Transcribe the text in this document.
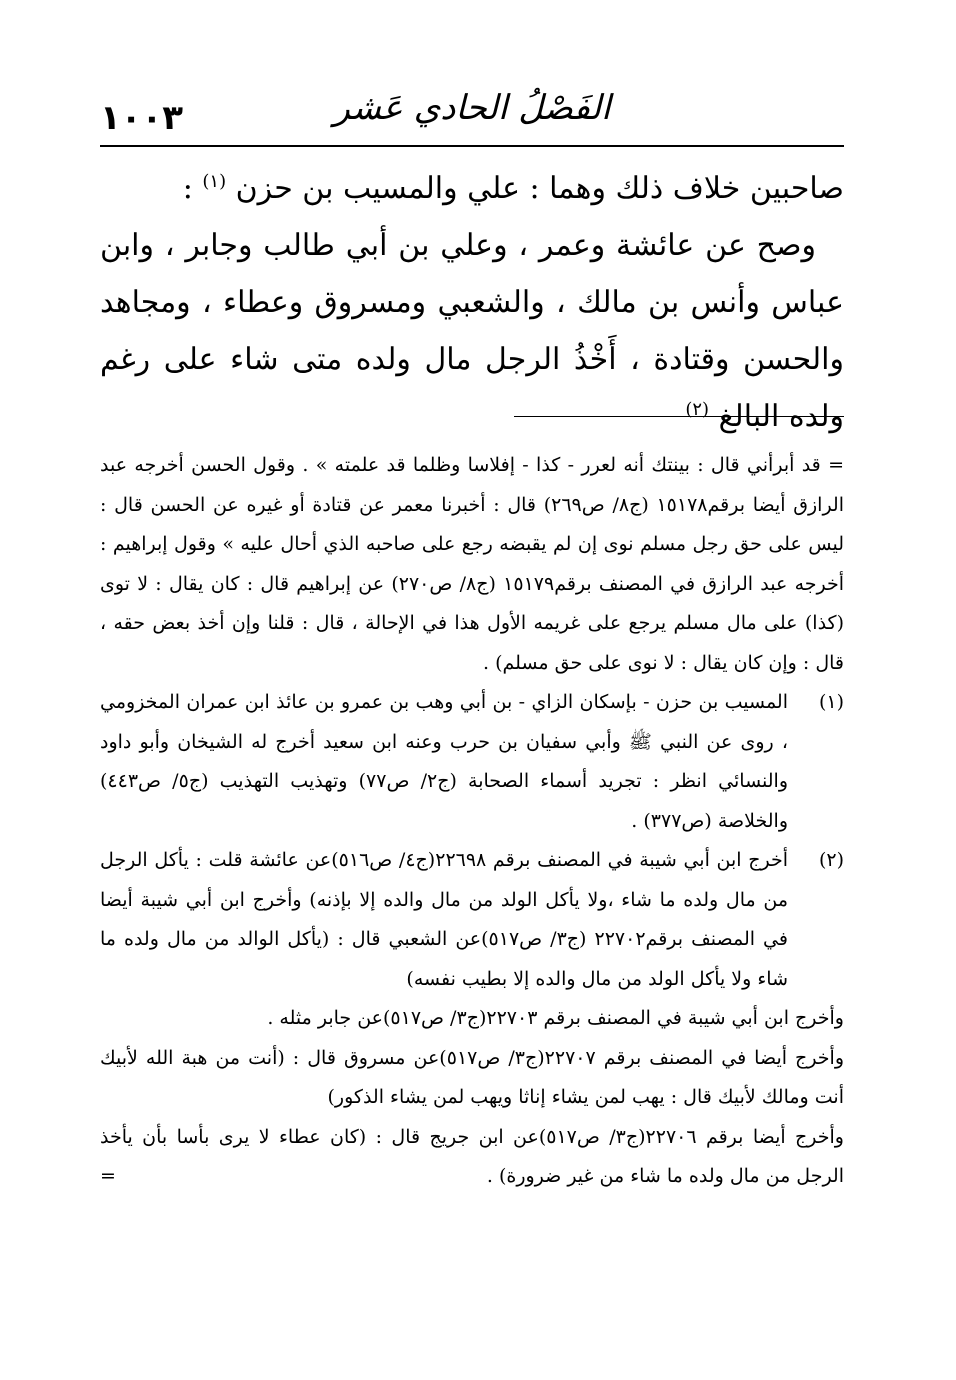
١٠٠٣	الفَصْلُ الحادي عَشر

صاحبين خلاف ذلك وهما : علي والمسيب بن حزن $^{(١)}$ :

وصح عن عائشة وعمر ، وعلي بن أبي طالب وجابر ، وابن عباس وأنس بن مالك ، والشعبي ومسروق وعطاء ، ومجاهد والحسن وقتادة ، أَخْذُ الرجل مال ولده متى شاء على رغم ولده البالغ $^{(٢)}$

= قد أبرأني قال : بينتك أنه لعرر - كذا - إفلاسا وظلما قد علمته » . وقول الحسن أخرجه عبد الرازق أيضا برقم١٥١٧٨ (ج٨/ ص٢٦٩) قال : أخبرنا معمر عن قتادة أو غيره عن الحسن قال : ليس على حق رجل مسلم نوى إن لم يقبضه رجع على صاحبه الذي أحال عليه » وقول إبراهيم : أخرجه عبد الرازق في المصنف برقم١٥١٧٩ (ج٨/ ص٢٧٠) عن إبراهيم قال : كان يقال : لا توى (كذا) على مال مسلم يرجع على غريمه الأول هذا في الإحالة ، قال : قلنا وإن أخذ بعض حقه ، قال : وإن كان يقال : لا نوى على حق مسلم) .

(١)

المسيب بن حزن - بإسكان الزاي - بن أبي وهب بن عمرو بن عائذ ابن عمران المخزومي ، روى عن النبي ﷺ وأبي سفيان بن حرب وعنه ابن سعيد أخرج له الشيخان وأبو داود والنسائي انظر : تجريد أسماء الصحابة (ج٢/ ص٧٧) وتهذيب التهذيب (ج٥/ ص٤٤٣) والخلاصة (ص٣٧٧) .

(٢)

أخرج ابن أبي شيبة في المصنف برقم ٢٢٦٩٨(ج٤/ ص٥١٦)عن عائشة قلت : يأكل الرجل من مال ولده ما شاء ،ولا يأكل الولد من مال والده إلا بإذنه) وأخرج ابن أبي شيبة أيضا في المصنف برقم٢٢٧٠٢ (ج٣/ ص٥١٧)عن الشعبي قال : (يأكل الوالد من مال ولده ما شاء ولا يأكل الولد من مال والده إلا بطيب نفسه)

وأخرج ابن أبي شيبة في المصنف برقم ٢٢٧٠٣(ج٣/ ص٥١٧)عن جابر مثله .

وأخرج أيضا في المصنف برقم ٢٢٧٠٧(ج٣/ ص٥١٧)عن مسروق قال : (أنت من هبة الله لأبيك أنت ومالك لأبيك قال : يهب لمن يشاء إناثا ويهب لمن يشاء الذكور)

وأخرج أيضا برقم ٢٢٧٠٦(ج٣/ ص٥١٧)عن ابن جريج قال : (كان عطاء لا يرى بأسا بأن يأخذ الرجل من مال ولده ما شاء من غير ضرورة) .
=
